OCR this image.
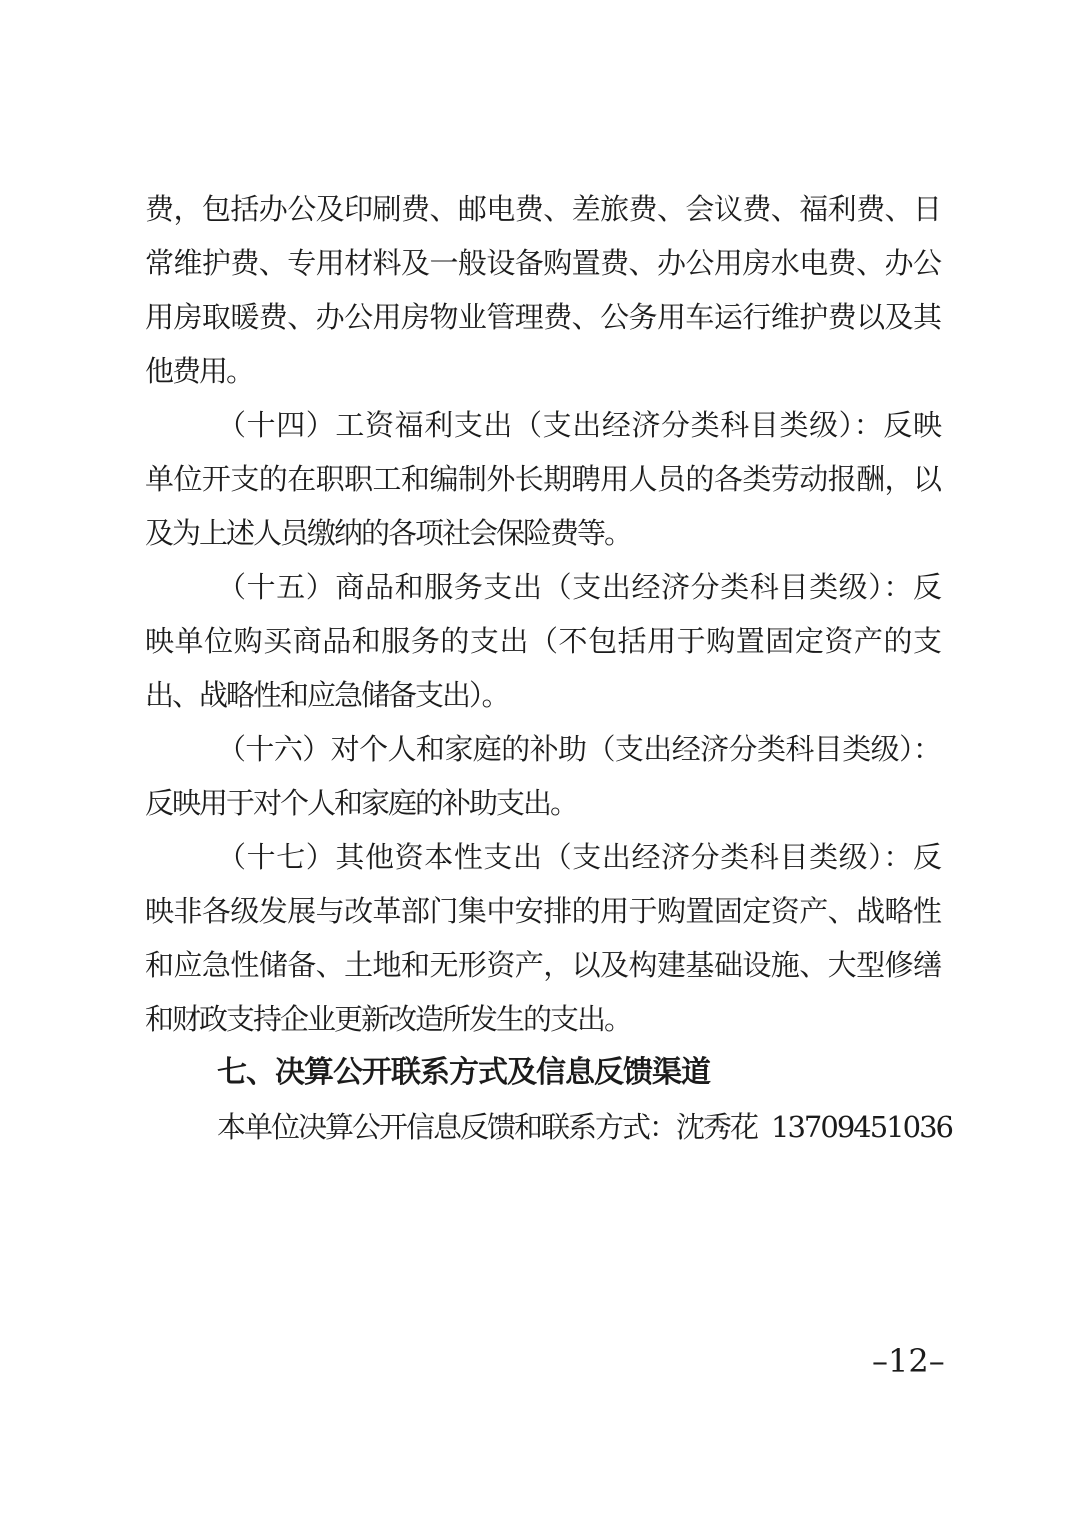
费，包括办公及印刷费、邮电费、差旅费、会议费、福利费、日
常维护费、专用材料及一般设备购置费、办公用房水电费、办公
用房取暖费、办公用房物业管理费、公务用车运行维护费以及其
他费用。
（十四）工资福利支出（支出经济分类科目类级）：反映
单位开支的在职职工和编制外长期聘用人员的各类劳动报酬，以
及为上述人员缴纳的各项社会保险费等。
（十五）商品和服务支出（支出经济分类科目类级）：反
映单位购买商品和服务的支出（不包括用于购置固定资产的支
出、战略性和应急储备支出）。
（十六）对个人和家庭的补助（支出经济分类科目类级）：
反映用于对个人和家庭的补助支出。
（十七）其他资本性支出（支出经济分类科目类级）：反
映非各级发展与改革部门集中安排的用于购置固定资产、战略性
和应急性储备、土地和无形资产，以及构建基础设施、大型修缮
和财政支持企业更新改造所发生的支出。
七、决算公开联系方式及信息反馈渠道
本单位决算公开信息反馈和联系方式：沈秀花 13709451036
–12–
